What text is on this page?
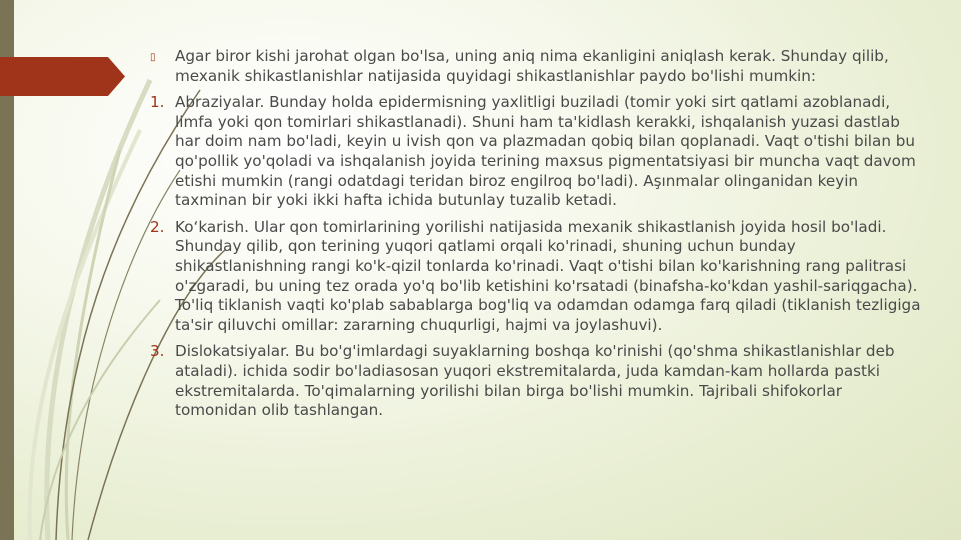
▯ Agar biror kishi jarohat olgan bo'lsa, uning aniq nima ekanligini aniqlash kerak. Shunday qilib, mexanik shikastlanishlar natijasida quyidagi shikastlanishlar paydo bo'lishi mumkin:
1. Abraziyalar. Bunday holda epidermisning yaxlitligi buziladi (tomir yoki sirt qatlami azoblanadi, limfa yoki qon tomirlari shikastlanadi). Shuni ham ta'kidlash kerakki, ishqalanish yuzasi dastlab har doim nam bo'ladi, keyin u ivish qon va plazmadan qobiq bilan qoplanadi. Vaqt o'tishi bilan bu qo'pollik yo'qoladi va ishqalanish joyida terining maxsus pigmentatsiyasi bir muncha vaqt davom etishi mumkin (rangi odatdagi teridan biroz engilroq bo'ladi). Aşınmalar olinganidan keyin taxminan bir yoki ikki hafta ichida butunlay tuzalib ketadi.
2. Ko‘karish. Ular qon tomirlarining yorilishi natijasida mexanik shikastlanish joyida hosil bo'ladi. Shunday qilib, qon terining yuqori qatlami orqali ko'rinadi, shuning uchun bunday shikastlanishning rangi ko'k-qizil tonlarda ko'rinadi. Vaqt o'tishi bilan ko'karishning rang palitrasi o'zgaradi, bu uning tez orada yo'q bo'lib ketishini ko'rsatadi (binafsha-ko'kdan yashil-sariqgacha). To'liq tiklanish vaqti ko'plab sabablarga bog'liq va odamdan odamga farq qiladi (tiklanish tezligiga ta'sir qiluvchi omillar: zararning chuqurligi, hajmi va joylashuvi).
3. Dislokatsiyalar. Bu bo'g'imlardagi suyaklarning boshqa ko'rinishi (qo'shma shikastlanishlar deb ataladi). ichida sodir bo'ladiasosan yuqori ekstremitalarda, juda kamdan-kam hollarda pastki ekstremitalarda. To'qimalarning yorilishi bilan birga bo'lishi mumkin. Tajribali shifokorlar tomonidan olib tashlangan.
